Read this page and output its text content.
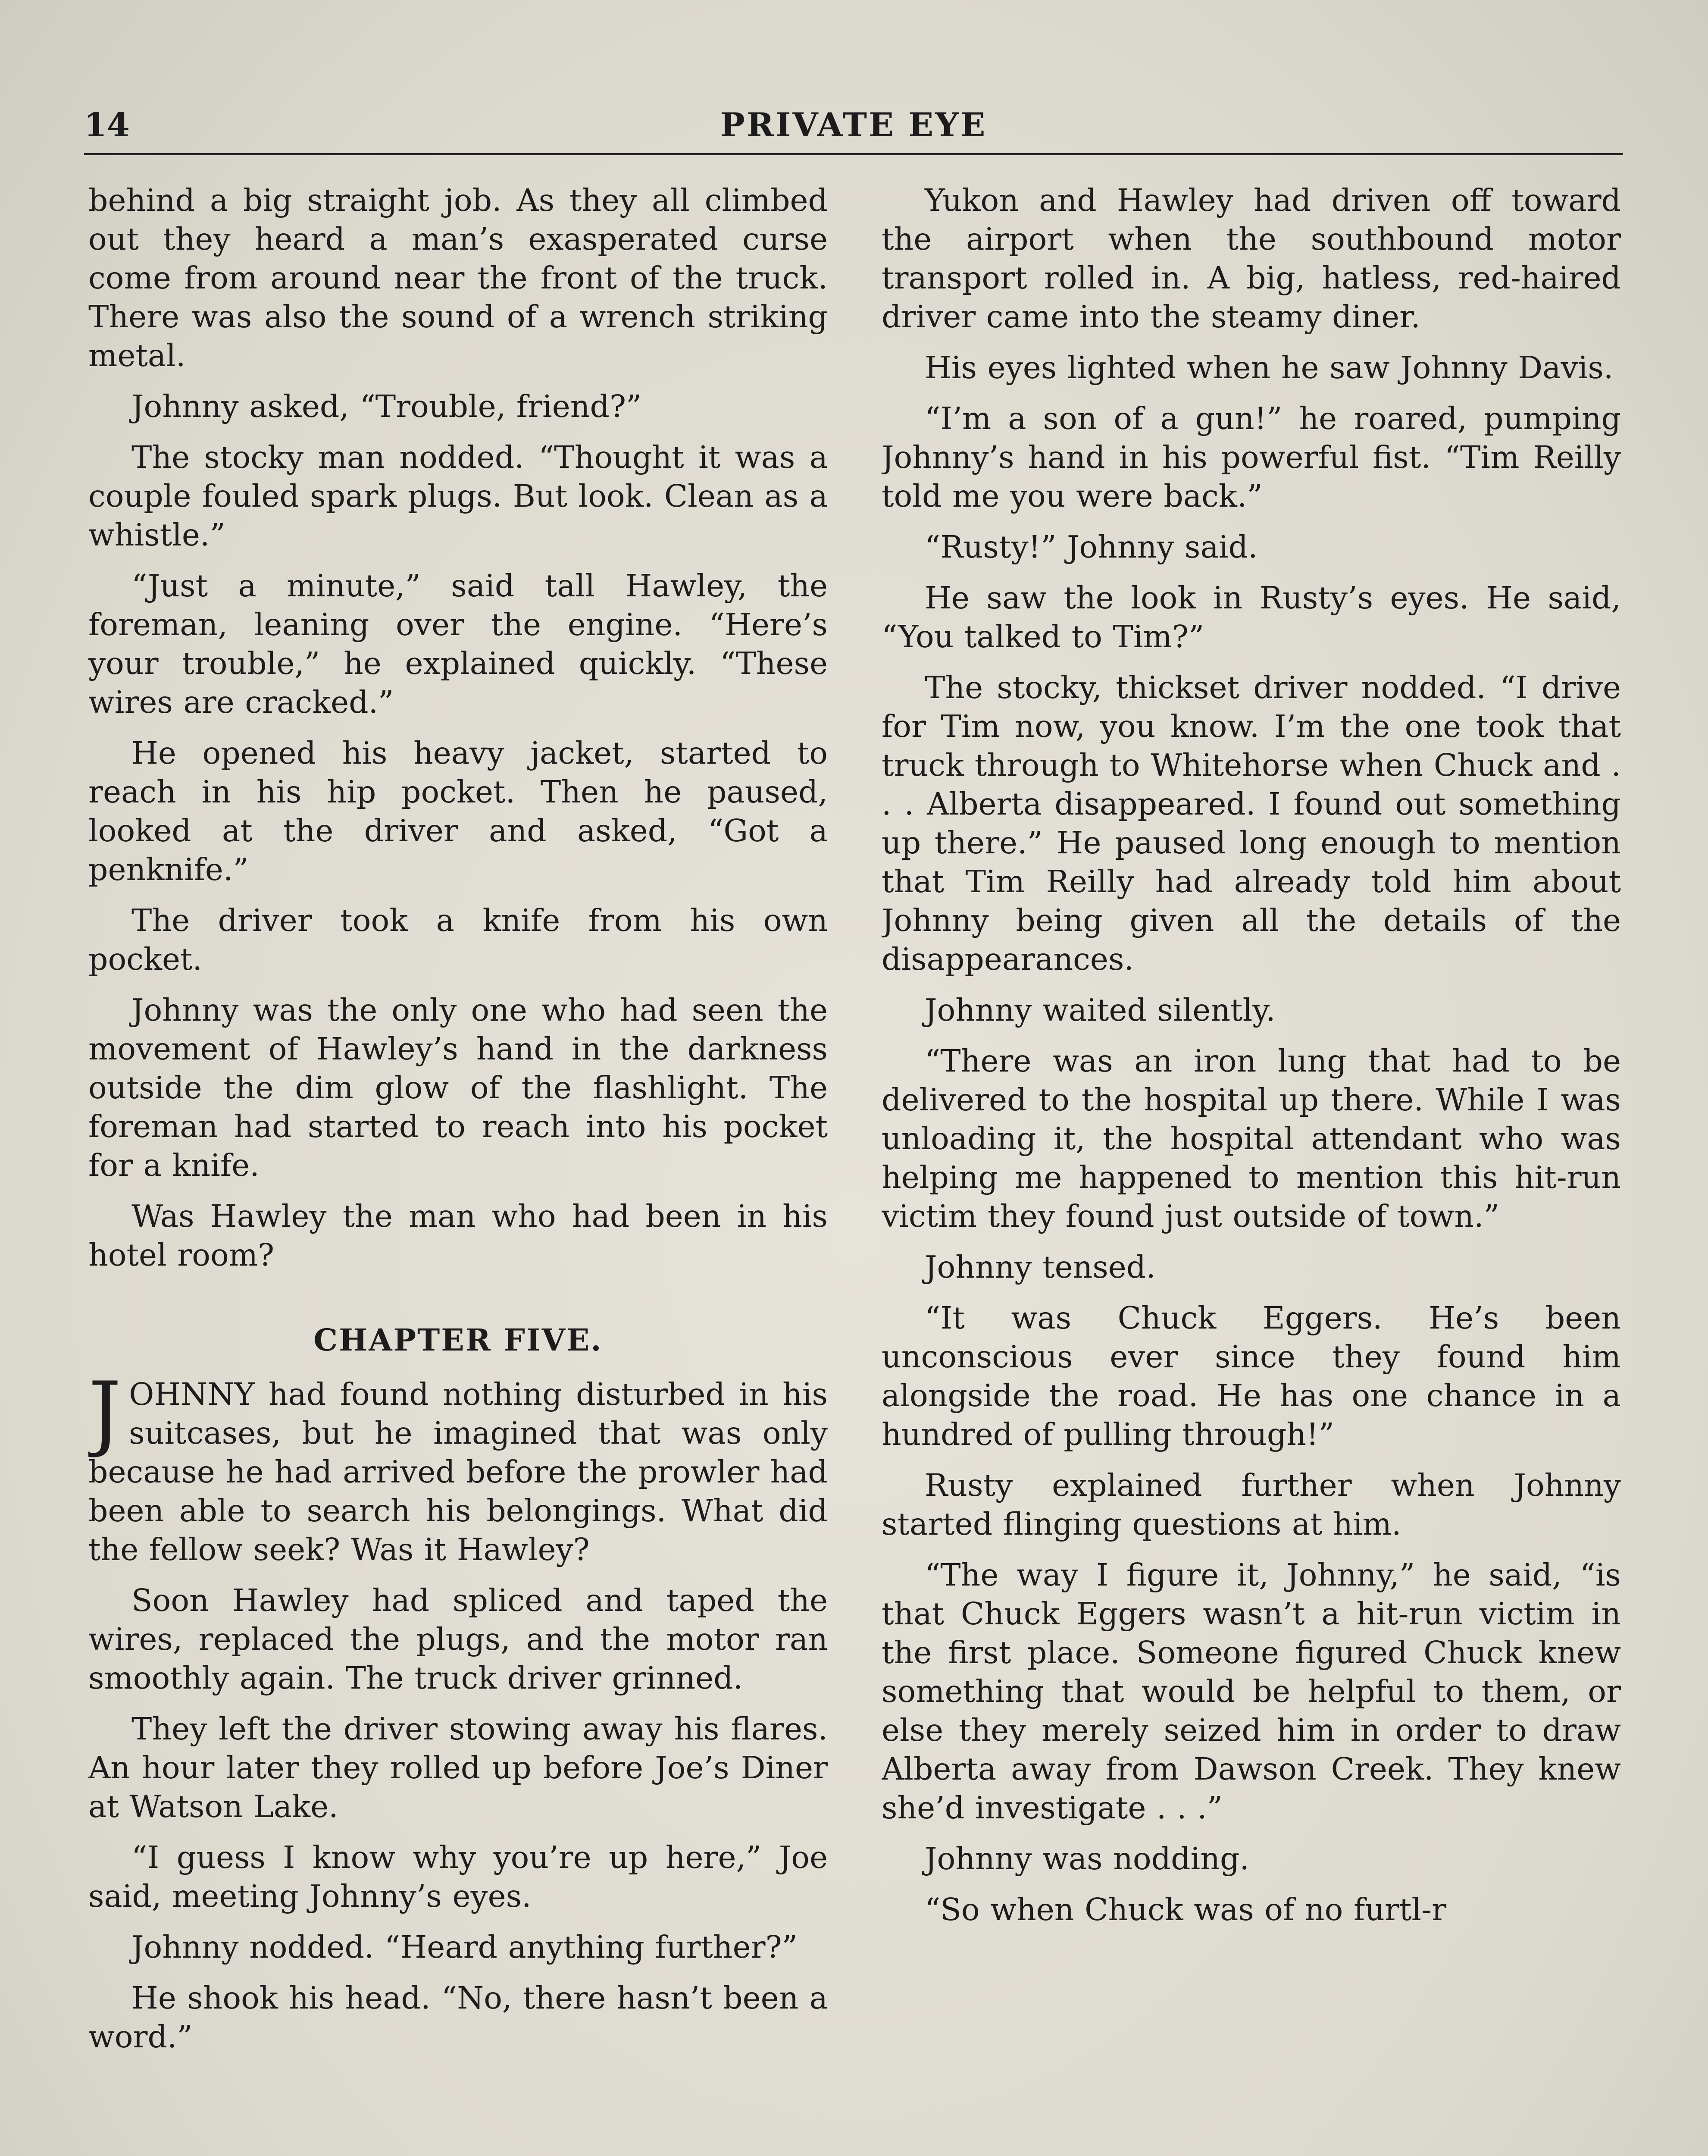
14	PRIVATE EYE

behind a big straight job. As they all climbed out they heard a man’s exasperated curse come from around near the front of the truck. There was also the sound of a wrench striking metal.

Johnny asked, “Trouble, friend?”

The stocky man nodded. “Thought it was a couple fouled spark plugs. But look. Clean as a whistle.”

“Just a minute,” said tall Hawley, the foreman, leaning over the engine. “Here’s your trouble,” he explained quickly. “These wires are cracked.”

He opened his heavy jacket, started to reach in his hip pocket. Then he paused, looked at the driver and asked, “Got a penknife.”

The driver took a knife from his own pocket.

Johnny was the only one who had seen the movement of Hawley’s hand in the darkness outside the dim glow of the flashlight. The foreman had started to reach into his pocket for a knife.

Was Hawley the man who had been in his hotel room?

CHAPTER FIVE.

JOHNNY had found nothing disturbed in his suitcases, but he imagined that was only because he had arrived before the prowler had been able to search his belongings. What did the fellow seek? Was it Hawley?

Soon Hawley had spliced and taped the wires, replaced the plugs, and the motor ran smoothly again. The truck driver grinned.

They left the driver stowing away his flares. An hour later they rolled up before Joe’s Diner at Watson Lake.

“I guess I know why you’re up here,” Joe said, meeting Johnny’s eyes.

Johnny nodded. “Heard anything further?”

He shook his head. “No, there hasn’t been a word.”

Yukon and Hawley had driven off toward the airport when the southbound motor transport rolled in. A big, hatless, red-haired driver came into the steamy diner.

His eyes lighted when he saw Johnny Davis.

“I’m a son of a gun!” he roared, pumping Johnny’s hand in his powerful fist. “Tim Reilly told me you were back.”

“Rusty!” Johnny said.

He saw the look in Rusty’s eyes. He said, “You talked to Tim?”

The stocky, thickset driver nodded. “I drive for Tim now, you know. I’m the one took that truck through to Whitehorse when Chuck and . . . Alberta disappeared. I found out something up there.” He paused long enough to mention that Tim Reilly had already told him about Johnny being given all the details of the disappearances.

Johnny waited silently.

“There was an iron lung that had to be delivered to the hospital up there. While I was unloading it, the hospital attendant who was helping me happened to mention this hit-run victim they found just outside of town.”

Johnny tensed.

“It was Chuck Eggers. He’s been unconscious ever since they found him alongside the road. He has one chance in a hundred of pulling through!”

Rusty explained further when Johnny started flinging questions at him.

“The way I figure it, Johnny,” he said, “is that Chuck Eggers wasn’t a hit-run victim in the first place. Someone figured Chuck knew something that would be helpful to them, or else they merely seized him in order to draw Alberta away from Dawson Creek. They knew she’d investigate . . .”

Johnny was nodding.

“So when Chuck was of no furtl-r
